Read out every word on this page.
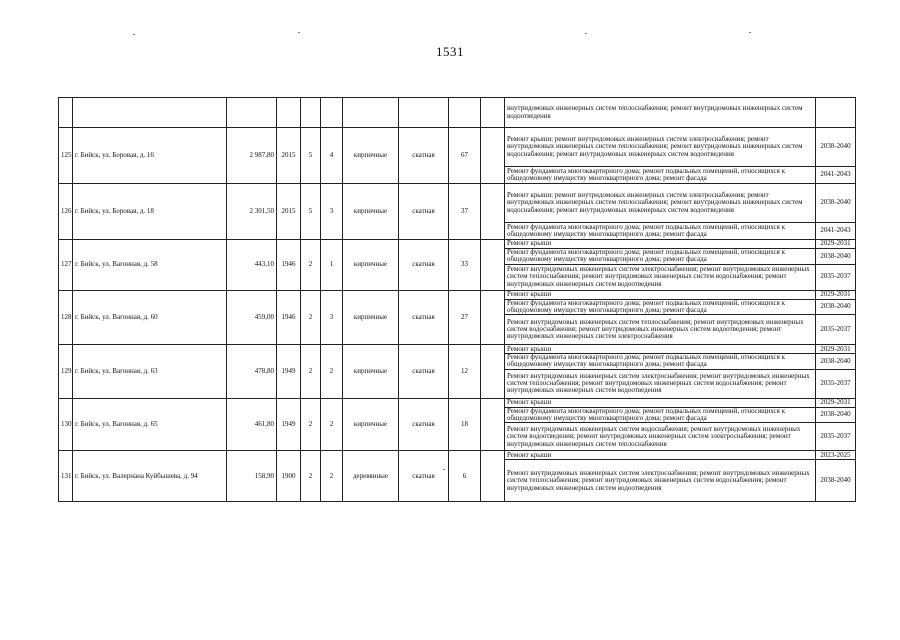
1531
										внутридомовых инженерных систем теплоснабжения; ремонт внутридомовых инженерных систем водоотведения	
125	г. Бийск, ул. Боровая, д. 16	2 987,80	2015	5	4	кирпичные	скатная	67		Ремонт крыши; ремонт внутридомовых инженерных систем электроснабжения; ремонт внутридомовых инженерных систем теплоснабжения; ремонт внутридомовых инженерных систем водоснабжения; ремонт внутридомовых инженерных систем водоотведения	2038-2040
										Ремонт фундамента многоквартирного дома; ремонт подвальных помещений, относящихся к общедомовому имуществу многоквартирного дома; ремонт фасада	2041-2043
126	г. Бийск, ул. Боровая, д. 18	2 301,50	2015	5	3	кирпичные	скатная	37		Ремонт крыши; ремонт внутридомовых инженерных систем электроснабжения; ремонт внутридомовых инженерных систем теплоснабжения; ремонт внутридомовых инженерных систем водоснабжения; ремонт внутридомовых инженерных систем водоотведения	2038-2040
										Ремонт фундамента многоквартирного дома; ремонт подвальных помещений, относящихся к общедомовому имуществу многоквартирного дома; ремонт фасада	2041-2043
127	г. Бийск, ул. Вагонная, д. 58	443,10	1946	2	1	кирпичные	скатная	33		Ремонт крыши	2029-2031
										Ремонт фундамента многоквартирного дома; ремонт подвальных помещений, относящихся к общедомовому имуществу многоквартирного дома; ремонт фасада	2038-2040
										Ремонт внутридомовых инженерных систем электроснабжения; ремонт внутридомовых инженерных систем теплоснабжения; ремонт внутридомовых инженерных систем водоснабжения; ремонт внутридомовых инженерных систем водоотведения	2035-2037
128	г. Бийск, ул. Вагонная, д. 60	459,00	1946	2	3	кирпичные	скатная	27		Ремонт крыши	2029-2031
										Ремонт фундамента многоквартирного дома; ремонт подвальных помещений, относящихся к общедомовому имуществу многоквартирного дома; ремонт фасада	2038-2040
										Ремонт внутридомовых инженерных систем теплоснабжения; ремонт внутридомовых инженерных систем водоснабжения; ремонт внутридомовых инженерных систем водоотведения; ремонт внутридомовых инженерных систем электроснабжения	2035-2037
129	г. Бийск, ул. Вагонная, д. 63	478,80	1949	2	2	кирпичные	скатная	12		Ремонт крыши	2029-2031
										Ремонт фундамента многоквартирного дома; ремонт подвальных помещений, относящихся к общедомовому имуществу многоквартирного дома; ремонт фасада	2038-2040
										Ремонт внутридомовых инженерных систем электроснабжения; ремонт внутридомовых инженерных систем теплоснабжения; ремонт внутридомовых инженерных систем водоснабжения; ремонт внутридомовых инженерных систем водоотведения	2035-2037
130	г. Бийск, ул. Вагонная, д. 65	461,80	1949	2	2	кирпичные	скатная	18		Ремонт крыши	2029-2031
										Ремонт фундамента многоквартирного дома; ремонт подвальных помещений, относящихся к общедомовому имуществу многоквартирного дома; ремонт фасада	2038-2040
										Ремонт внутридомовых инженерных систем водоснабжения; ремонт внутридомовых инженерных систем водоотведения; ремонт внутридомовых инженерных систем электроснабжения; ремонт внутридомовых инженерных систем теплоснабжения	2035-2037
131	г. Бийск, ул. Валериана Куйбышева, д. 94	158,90	1900	2	2	деревянные	скатная	6		Ремонт крыши	2023-2025
										Ремонт внутридомовых инженерных систем электроснабжения; ремонт внутридомовых инженерных систем теплоснабжения; ремонт внутридомовых инженерных систем водоснабжения; ремонт внутридомовых инженерных систем водоотведения	2038-2040
